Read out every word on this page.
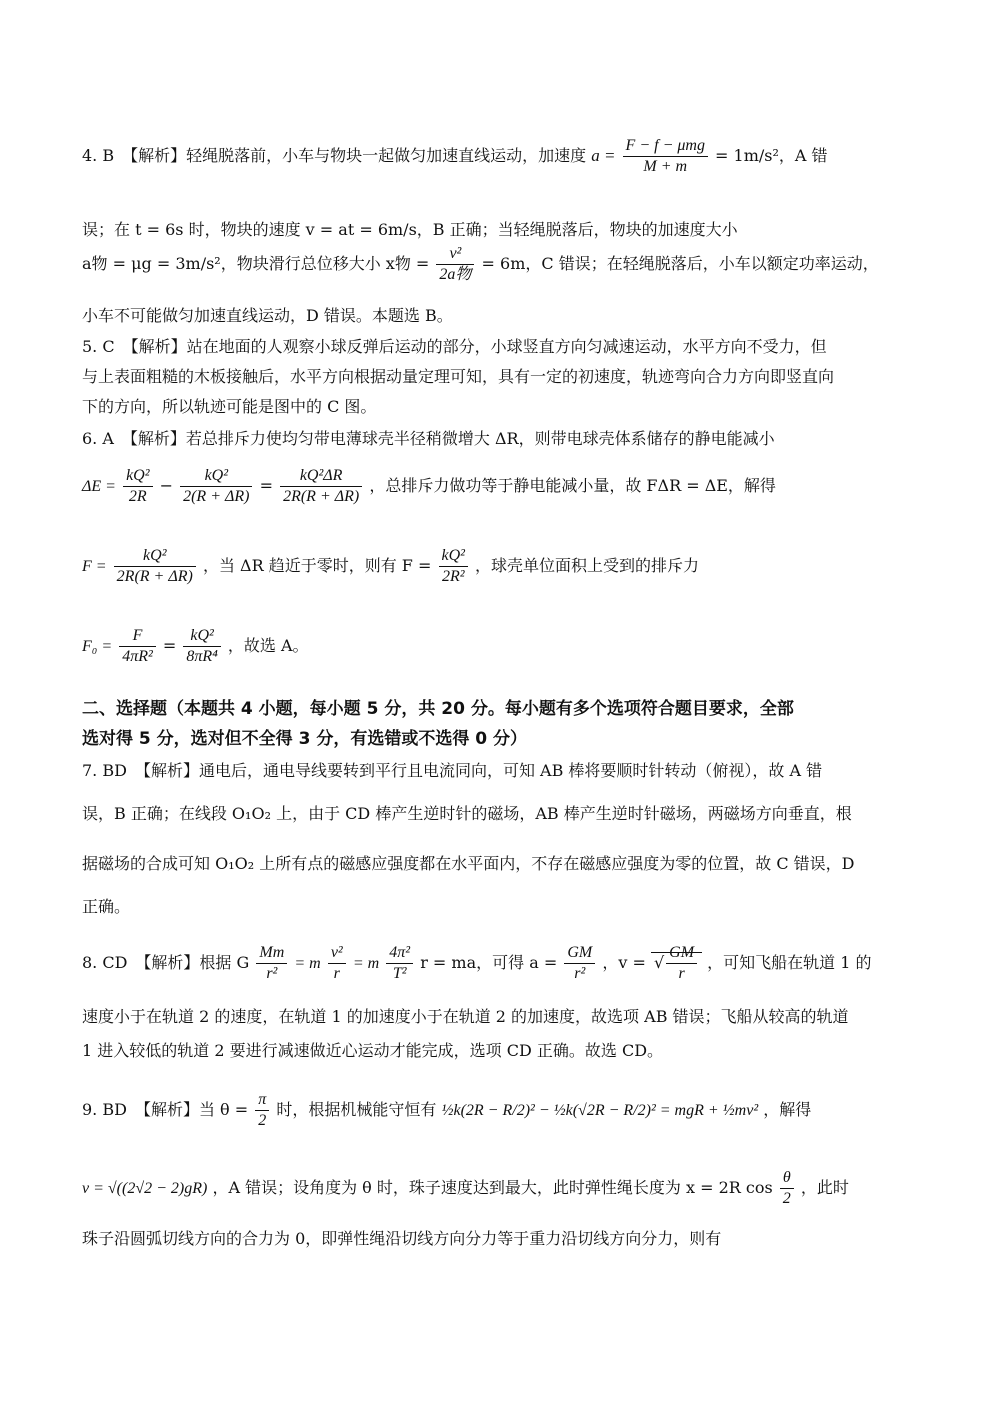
4. B　【解析】轻绳脱落前，小车与物块一起做匀加速直线运动，加速度 $a = \frac{\text{F − f − μmg}}{M + m} = 1m/s^2$，A 错
误；在 t = 6s 时，物块的速度 v = at = 6m/s，B 正确；当轻绳脱落后，物块的加速度大小
a物 = μg = 3m/s²，物块滑行总位移大小 x物 = $\frac{\text{v²}}{\text{2a物}} = 6m$，C 错误；在轻绳脱落后，小车以额定功率运动，
小车不可能做匀加速直线运动，D 错误。本题选 B。
5. C　【解析】站在地面的人观察小球反弹后运动的部分，小球竖直方向匀减速运动，水平方向不受力，但
与上表面粗糙的木板接触后，水平方向根据动量定理可知，具有一定的初速度，轨迹弯向合力方向即竖直向
下的方向，所以轨迹可能是图中的 C 图。
6. A　【解析】若总排斥力使均匀带电薄球壳半径稍微增大 ΔR，则带电球壳体系储存的静电能减小
$\Delta E = \frac{\text{kQ²}}{2R} - \frac{\text{kQ²}}{2(R + \Delta R)} = \frac{\text{kQ²ΔR}}{2R(R + \Delta R)}$ ，总排斥力做功等于静电能减小量，故 FΔR = ΔE，解得
$F = \frac{\text{kQ²}}{2R(R + \Delta R)}$ ，当 ΔR 趋近于零时，则有 $F = \frac{\text{kQ²}}{\text{2R²}}$ ，球壳单位面积上受到的排斥力
$F_0 = \frac{F}{\text{4πR²}} = \frac{\text{kQ²}}{\text{8πR⁴}}$ ，故选 A。
二、选择题（本题共 4 小题，每小题 5 分，共 20 分。每小题有多个选项符合题目要求，全部
选对得 5 分，选对但不全得 3 分，有选错或不选得 0 分）
7. BD　【解析】通电后，通电导线要转到平行且电流同向，可知 AB 棒将要顺时针转动（俯视），故 A 错
误，B 正确；在线段 O₁O₂ 上，由于 CD 棒产生逆时针的磁场，AB 棒产生逆时针磁场，两磁场方向垂直，根
据磁场的合成可知 O₁O₂ 上所有点的磁感应强度都在水平面内，不存在磁感应强度为零的位置，故 C 错误，D
正确。
8. CD　【解析】根据 G $\frac{Mm}{\text{r²}} = m \frac{\text{v²}}{r} = m \frac{\text{4π²}}{\text{T²}}$ r = ma，可得 $a = \frac{GM}{\text{r²}}$ ，v = √ $\frac{GM}{r}$ ，可知飞船在轨道 1 的
速度小于在轨道 2 的速度，在轨道 1 的加速度小于在轨道 2 的加速度，故选项 AB 错误；飞船从较高的轨道
1 进入较低的轨道 2 要进行减速做近心运动才能完成，选项 CD 正确。故选 CD。
9. BD　【解析】当 $\theta = \frac{\pi}{2}$ 时，根据机械能守恒有 ½k(2R − R/2)² − ½k(√2R − R/2)² = mgR + ½mv² ，解得
v = √((2√2 − 2)gR) ，A 错误；设角度为 θ 时，珠子速度达到最大，此时弹性绳长度为 x = 2R $\cos \frac{\theta}{2}$ ，此时
珠子沿圆弧切线方向的合力为 0，即弹性绳沿切线方向分力等于重力沿切线方向分力，则有
